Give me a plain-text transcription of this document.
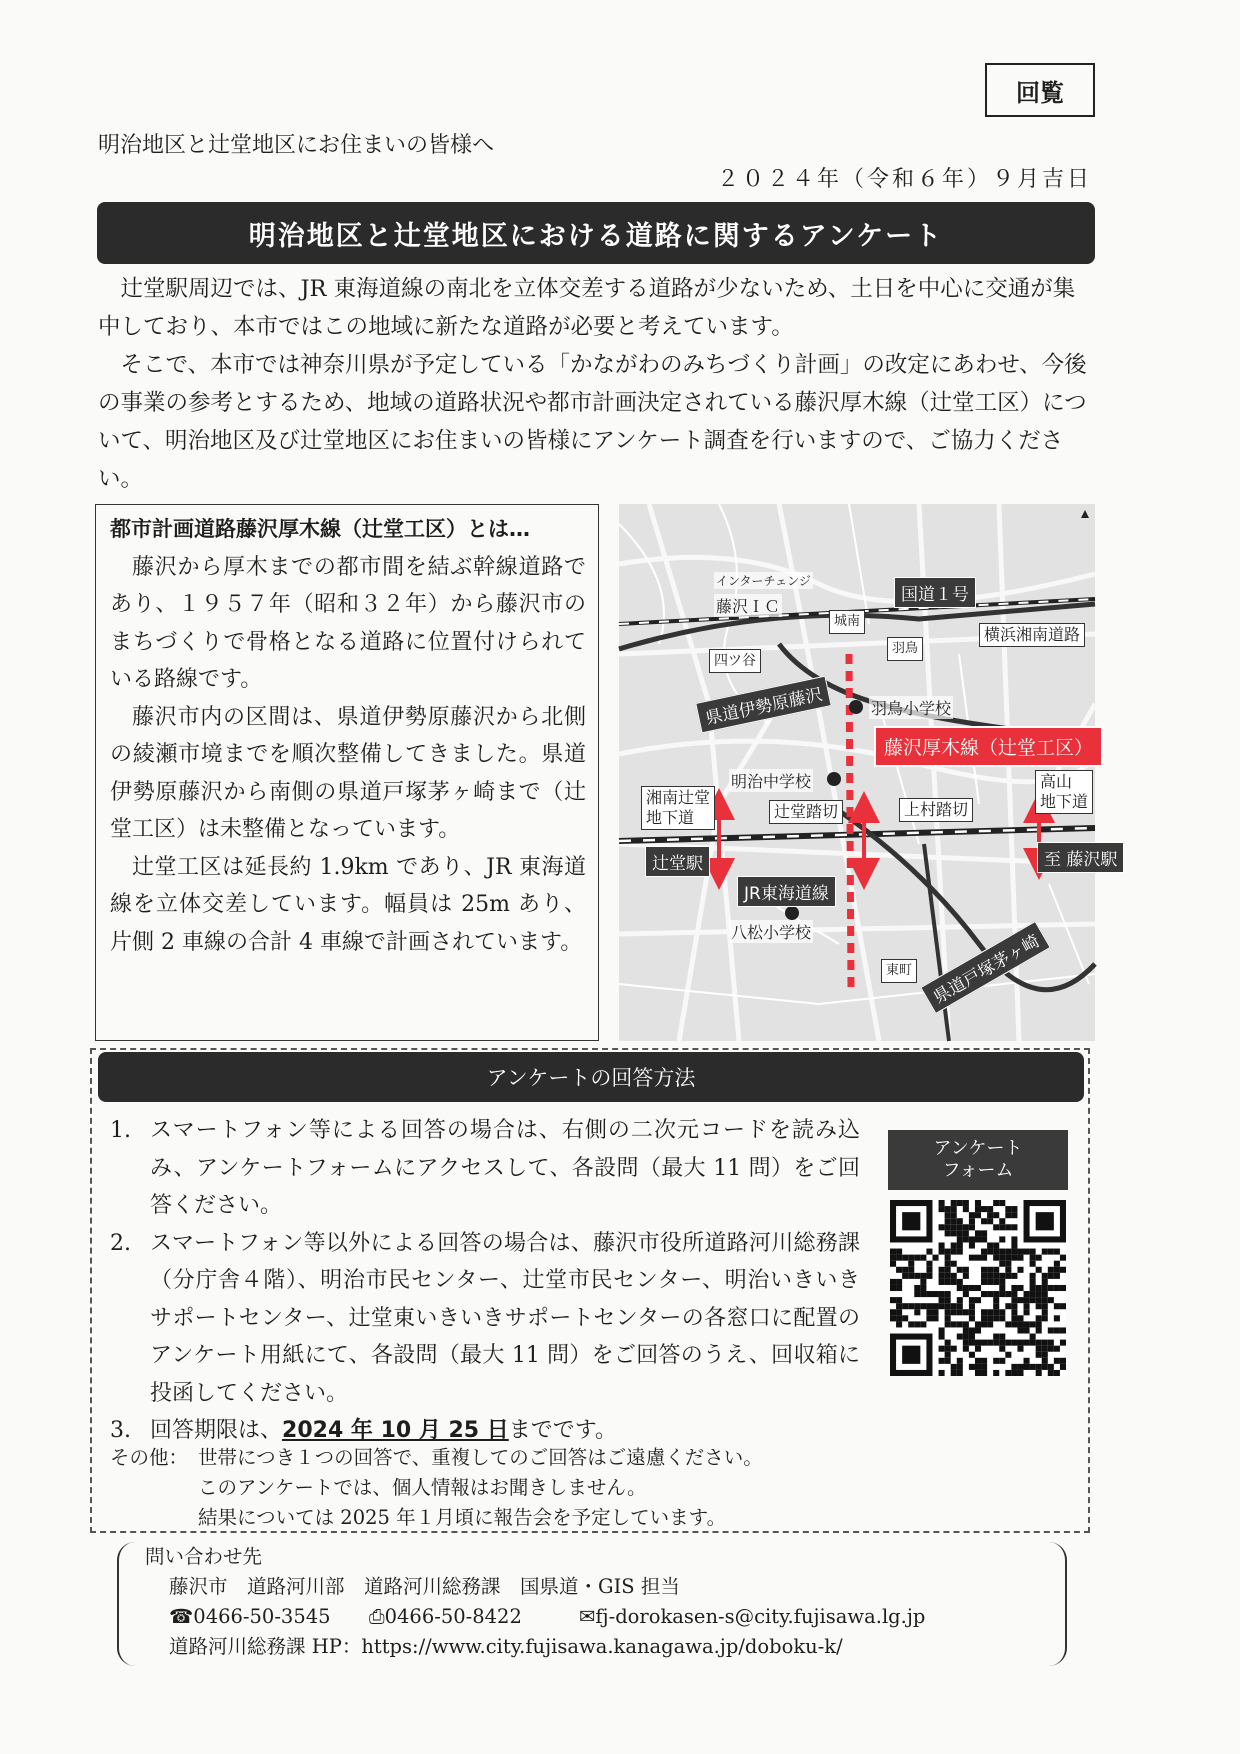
回覧
明治地区と辻堂地区にお住まいの皆様へ
２０２４年（令和６年）９月吉日
明治地区と辻堂地区における道路に関するアンケート

辻堂駅周辺では、JR 東海道線の南北を立体交差する道路が少ないため、土日を中心に交通が集中しており、本市ではこの地域に新たな道路が必要と考えています。

そこで、本市では神奈川県が予定している「かながわのみちづくり計画」の改定にあわせ、今後の事業の参考とするため、地域の道路状況や都市計画決定されている藤沢厚木線（辻堂工区）について、明治地区及び辻堂地区にお住まいの皆様にアンケート調査を行いますので、ご協力ください。

都市計画道路藤沢厚木線（辻堂工区）とは…

藤沢から厚木までの都市間を結ぶ幹線道路であり、１９５７年（昭和３２年）から藤沢市のまちづくりで骨格となる道路に位置付けられている路線です。

藤沢市内の区間は、県道伊勢原藤沢から北側の綾瀬市境までを順次整備してきました。県道伊勢原藤沢から南側の県道戸塚茅ヶ崎まで（辻堂工区）は未整備となっています。

辻堂工区は延長約 1.9km であり、JR 東海道線を立体交差しています。幅員は 25m あり、片側 2 車線の合計 4 車線で計画されています。

インターチェンジ
藤沢ＩＣ
国道１号
城南
羽鳥
横浜湘南道路
四ツ谷
県道伊勢原藤沢	羽鳥小学校
藤沢厚木線（辻堂工区）
明治中学校
湘南辻堂
地下道	辻堂踏切	上村踏切
高山
地下道
辻堂駅	至 藤沢駅
JR東海道線
八松小学校
東町	県道戸塚茅ヶ崎
アンケートの回答方法
1. スマートフォン等による回答の場合は、右側の二次元コードを読み込み、アンケートフォームにアクセスして、各設問（最大 11 問）をご回答ください。
2. スマートフォン等以外による回答の場合は、藤沢市役所道路河川総務課（分庁舎４階）、明治市民センター、辻堂市民センター、明治いきいきサポートセンター、辻堂東いきいきサポートセンターの各窓口に配置のアンケート用紙にて、各設問（最大 11 問）をご回答のうえ、回収箱に投函してください。
3. 回答期限は、2024 年 10 月 25 日までです。
その他： 世帯につき１つの回答で、重複してのご回答はご遠慮ください。
このアンケートでは、個人情報はお聞きしません。
結果については 2025 年１月頃に報告会を予定しています。
アンケート
フォーム
問い合わせ先
藤沢市　道路河川部　道路河川総務課　国県道・GIS 担当
☎0466-50-3545	⎙0466-50-8422	✉fj-dorokasen-s@city.fujisawa.lg.jp
道路河川総務課 HP：https://www.city.fujisawa.kanagawa.jp/doboku-k/
